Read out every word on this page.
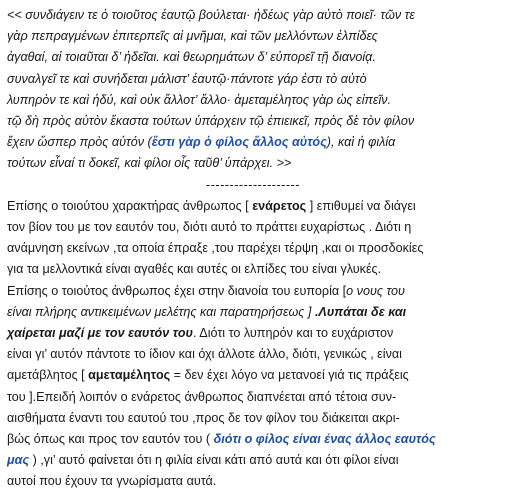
<< συνδιάγειν τε ὁ τοιοῦτος ἑαυτῷ βούλεται· ἡδέως γὰρ αὐτὸ ποιεῖ· τῶν τε
γὰρ πεπραγμένων ἐπιτερπεῖς αἱ μνῆμαι, καὶ τῶν μελλόντων ἐλπίδες
ἀγαθαί, αἱ τοιαῦται δ’ ἡδεῖαι. καὶ θεωρημάτων δ’ εὐπορεῖ τῇ διανοίᾳ.
συναλγεῖ τε καὶ συνήδεται μάλιστ’ ἑαυτῷ·πάντοτε γάρ ἐστι τὸ αὐτὸ
λυπηρὸν τε καὶ ἡδύ, καὶ οὐκ ἄλλοτ’ ἄλλο· ἀμεταμέλητος γὰρ ὡς εἰπεῖν.
τῷ δὴ πρὸς αὑτὸν ἕκαστα τούτων ὑπάρχειν τῷ ἐπιεικεῖ, πρὸς δὲ τὸν φίλον
ἔχειν ὥσπερ πρὸς αὑτόν (ἔστι γὰρ ὁ φίλος ἄλλος αὐτός), καὶ ἡ φιλία
τούτων εἶναί τι δοκεῖ, καὶ φίλοι οἷς ταῦθ’ ὑπάρχει. >>
--------------------
Επίσης ο τοιούτου χαρακτήρας άνθρωπος [ ενάρετος ] επιθυμεί να διάγει
τον βίον του με τον εαυτόν του, διότι αυτό το πράττει ευχαρίστως . Διότι η
ανάμνηση εκείνων ,τα οποία έπραξε ,του παρέχει τέρψη ,και οι προσδοκίες
για τα μελλοντικά είναι αγαθές και αυτές οι ελπίδες του είναι γλυκές.
Επίσης ο τοιούτος άνθρωπος έχει στην διανοία του ευπορία [ο νους του
είναι πλήρης αντικειμένων μελέτης και παρατηρήσεως ] .Λυπάται δε και
χαίρεται μαζί με τον εαυτόν του. Διότι το λυπηρόν και το ευχάριστον
είναι γι’ αυτόν πάντοτε το ίδιον και όχι άλλοτε άλλο, διότι, γενικώς , είναι
αμετάβλητος [ αμεταμέλητος = δεν έχει λόγο να μετανοεί γιά τις πράξεις
του ].Επειδή λοιπόν ο ενάρετος άνθρωπος διαπνέεται από τέτοια συν-
αισθήματα έναντι του εαυτού του ,προς δε τον φίλον του διάκειται ακρι-
βώς όπως και προς τον εαυτόν του ( διότι ο φίλος είναι ένας άλλος εαυτός
μας ) ,γι’ αυτό φαίνεται ότι η φιλία είναι κάτι από αυτά και ότι φίλοι είναι
αυτοί που έχουν τα γνωρίσματα αυτά.
